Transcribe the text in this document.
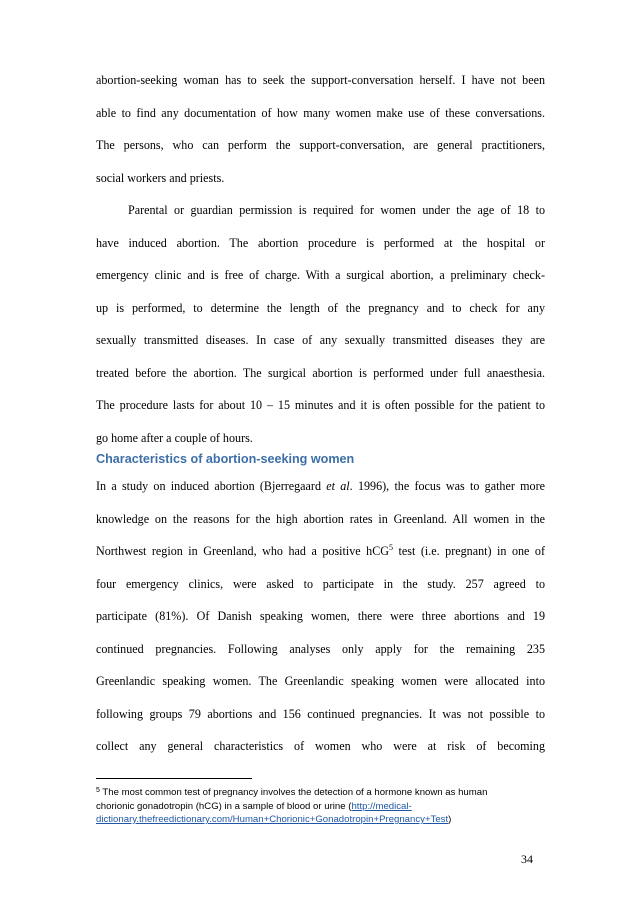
abortion-seeking woman has to seek the support-conversation herself. I have not been
able to find any documentation of how many women make use of these conversations.
The persons, who can perform the support-conversation, are general practitioners,
social workers and priests.

Parental or guardian permission is required for women under the age of 18 to
have induced abortion. The abortion procedure is performed at the hospital or
emergency clinic and is free of charge. With a surgical abortion, a preliminary check-
up is performed, to determine the length of the pregnancy and to check for any
sexually transmitted diseases. In case of any sexually transmitted diseases they are
treated before the abortion. The surgical abortion is performed under full anaesthesia.
The procedure lasts for about 10 – 15 minutes and it is often possible for the patient to
go home after a couple of hours.

Characteristics of abortion-seeking women

In a study on induced abortion (Bjerregaard et al. 1996), the focus was to gather more
knowledge on the reasons for the high abortion rates in Greenland. All women in the
Northwest region in Greenland, who had a positive hCG$^5$ test (i.e. pregnant) in one of
four emergency clinics, were asked to participate in the study. 257 agreed to
participate (81%). Of Danish speaking women, there were three abortions and 19
continued pregnancies. Following analyses only apply for the remaining 235
Greenlandic speaking women. The Greenlandic speaking women were allocated into
following groups 79 abortions and 156 continued pregnancies. It was not possible to
collect any general characteristics of women who were at risk of becoming

$^5$ The most common test of pregnancy involves the detection of a hormone known as human
chorionic gonadotropin (hCG) in a sample of blood or urine (http://medical-
dictionary.thefreedictionary.com/Human+Chorionic+Gonadotropin+Pregnancy+Test)

34
